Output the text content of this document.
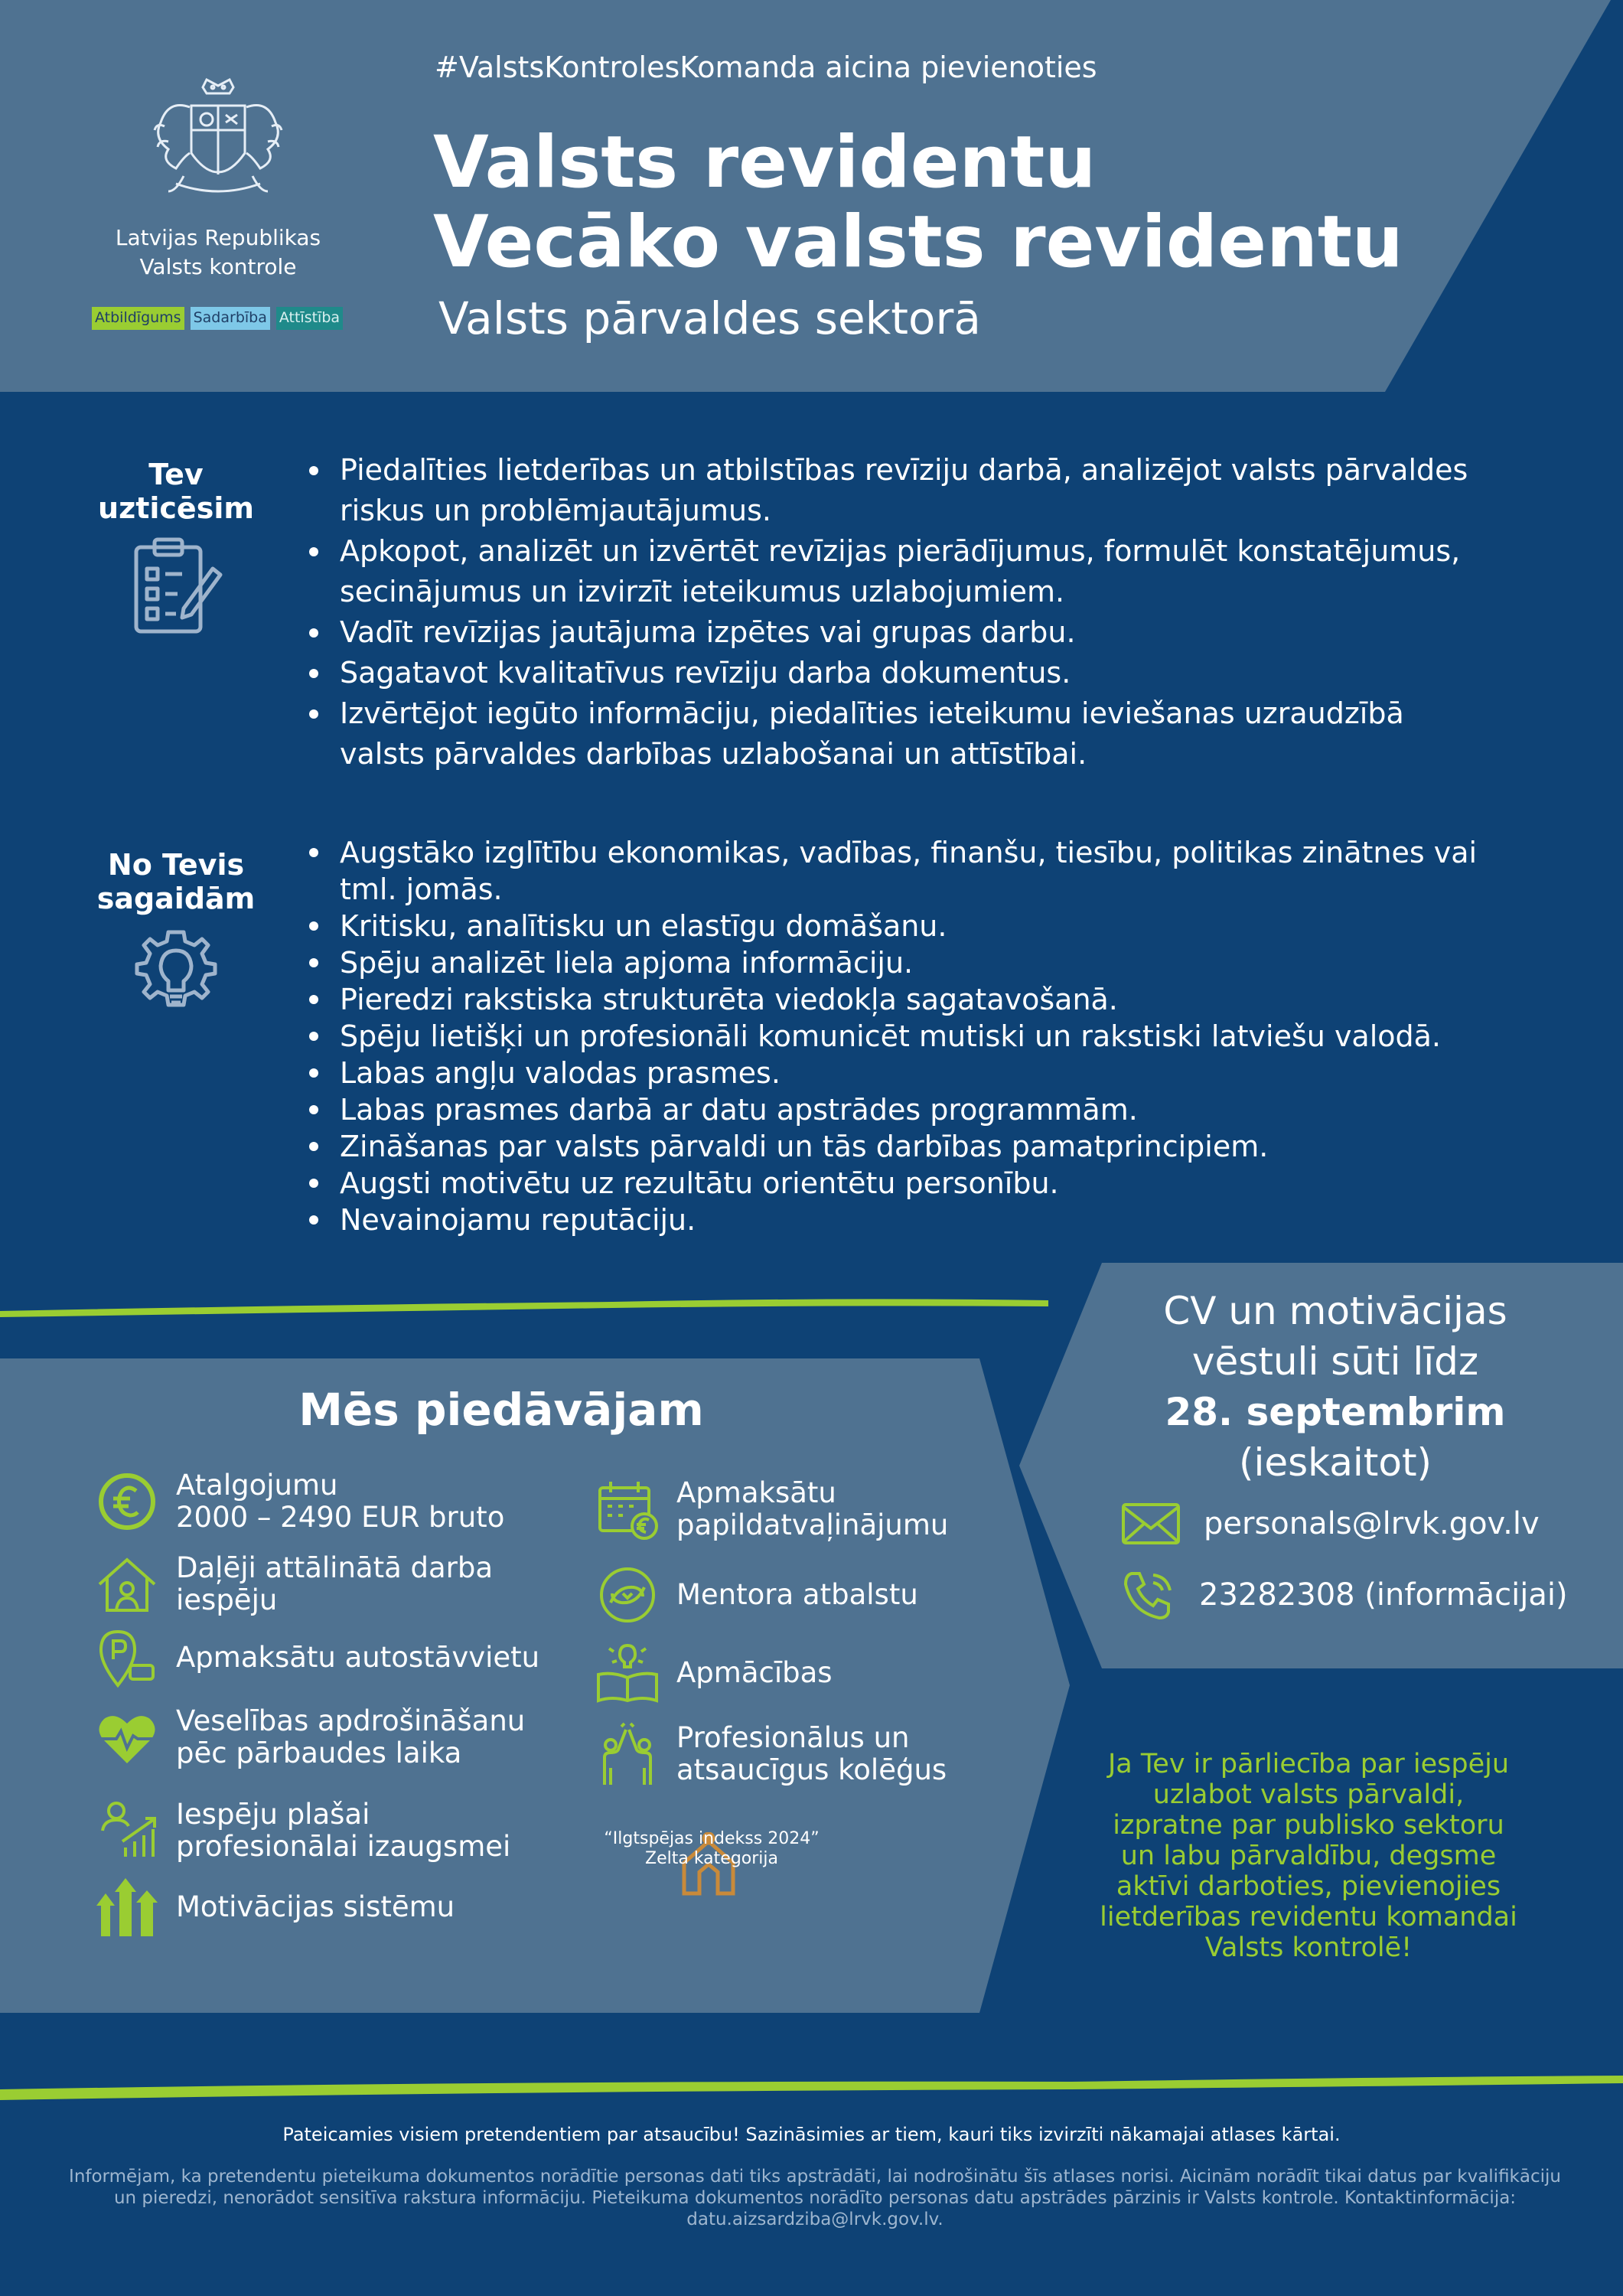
Latvijas Republikas
Valsts kontrole
Atbildīgums Sadarbība Attīstība
#ValstsKontrolesKomanda aicina pievienoties
Valsts revidentu
Vecāko valsts revidentu
Valsts pārvaldes sektorā
Tev
uzticēsim
Piedalīties lietderības un atbilstības revīziju darbā, analizējot valsts pārvaldes riskus un problēmjautājumus.
Apkopot, analizēt un izvērtēt revīzijas pierādījumus, formulēt konstatējumus, secinājumus un izvirzīt ieteikumus uzlabojumiem.
Vadīt revīzijas jautājuma izpētes vai grupas darbu.
Sagatavot kvalitatīvus revīziju darba dokumentus.
Izvērtējot iegūto informāciju, piedalīties ieteikumu ieviešanas uzraudzībā valsts pārvaldes darbības uzlabošanai un attīstībai.
No Tevis
sagaidām
Augstāko izglītību ekonomikas, vadības, finanšu, tiesību, politikas zinātnes vai tml. jomās.
Kritisku, analītisku un elastīgu domāšanu.
Spēju analizēt liela apjoma informāciju.
Pieredzi rakstiska strukturēta viedokļa sagatavošanā.
Spēju lietišķi un profesionāli komunicēt mutiski un rakstiski latviešu valodā.
Labas angļu valodas prasmes.
Labas prasmes darbā ar datu apstrādes programmām.
Zināšanas par valsts pārvaldi un tās darbības pamatprincipiem.
Augsti motivētu uz rezultātu orientētu personību.
Nevainojamu reputāciju.
Mēs piedāvājam
Atalgojumu
2000 – 2490 EUR bruto
Daļēji attālinātā darba
iespēju
Apmaksātu autostāvvietu
Veselības apdrošināšanu
pēc pārbaudes laika
Iespēju plašai
profesionālai izaugsmei
Motivācijas sistēmu
Apmaksātu
papildatvaļinājumu
Mentora atbalstu
Apmācības
Profesionālus un
atsaucīgus kolēģus
“Ilgtspējas indekss 2024”
Zelta kategorija
CV un motivācijas
vēstuli sūti līdz
28. septembrim
(ieskaitot)
personals@lrvk.gov.lv
23282308 (informācijai)
Ja Tev ir pārliecība par iespēju uzlabot valsts pārvaldi, izpratne par publisko sektoru un labu pārvaldību, degsme aktīvi darboties, pievienojies lietderības revidentu komandai Valsts kontrolē!
Pateicamies visiem pretendentiem par atsaucību! Sazināsimies ar tiem, kauri tiks izvirzīti nākamajai atlases kārtai.
Informējam, ka pretendentu pieteikuma dokumentos norādītie personas dati tiks apstrādāti, lai nodrošinātu šīs atlases norisi. Aicinām norādīt tikai datus par kvalifikāciju un pieredzi, nenorādot sensitīva rakstura informāciju. Pieteikuma dokumentos norādīto personas datu apstrādes pārzinis ir Valsts kontrole. Kontaktinformācija: datu.aizsardziba@lrvk.gov.lv.
